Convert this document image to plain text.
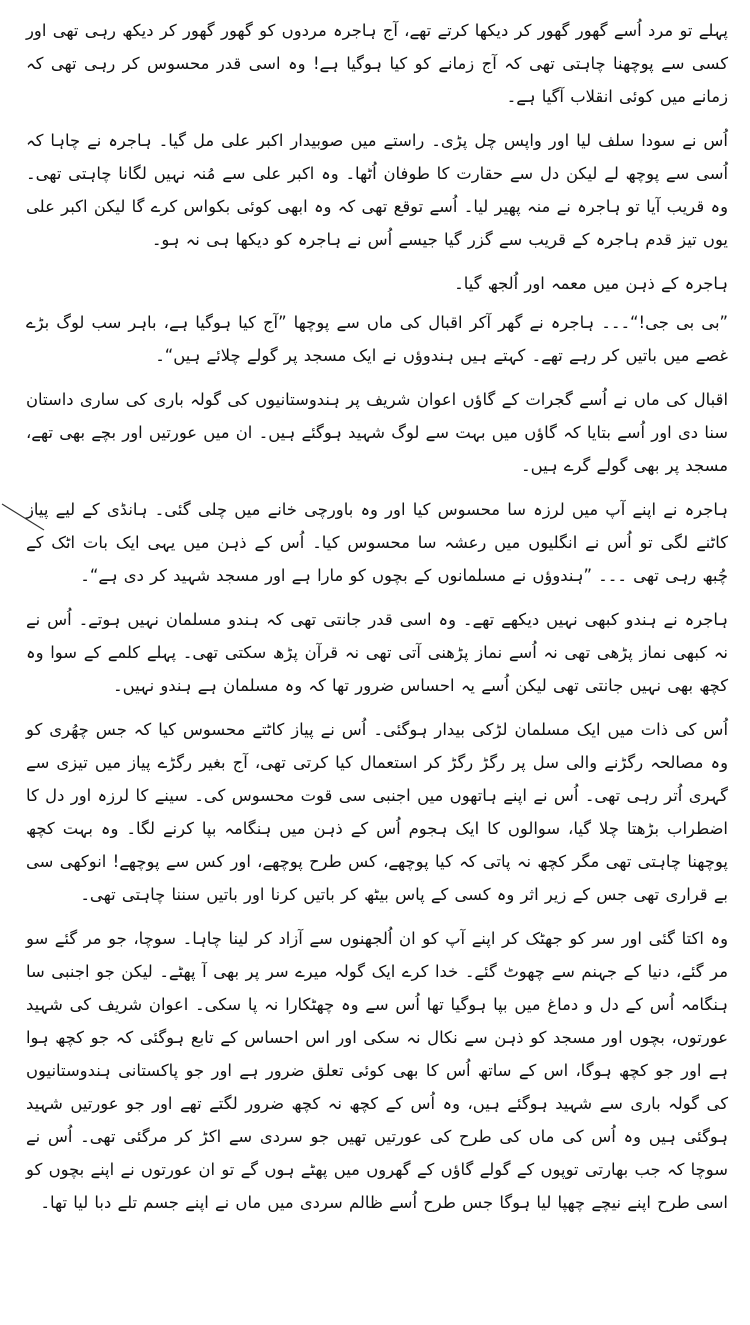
پہلے تو مرد اُسے گھور گھور کر دیکھا کرتے تھے، آج ہاجرہ مردوں کو گھور گھور کر دیکھ رہی تھی اور کسی سے پوچھنا چاہتی تھی کہ آج زمانے کو کیا ہوگیا ہے! وہ اسی قدر محسوس کر رہی تھی کہ زمانے میں کوئی انقلاب آگیا ہے۔

اُس نے سودا سلف لیا اور واپس چل پڑی۔ راستے میں صوبیدار اکبر علی مل گیا۔ ہاجرہ نے چاہا کہ اُسی سے پوچھ لے لیکن دل سے حقارت کا طوفان اُٹھا۔ وہ اکبر علی سے مُنہ نہیں لگانا چاہتی تھی۔ وہ قریب آیا تو ہاجرہ نے منہ پھیر لیا۔ اُسے توقع تھی کہ وہ ابھی کوئی بکواس کرے گا لیکن اکبر علی یوں تیز قدم ہاجرہ کے قریب سے گزر گیا جیسے اُس نے ہاجرہ کو دیکھا ہی نہ ہو۔

ہاجرہ کے ذہن میں معمہ اور اُلجھ گیا۔

”بی بی جی!“۔۔۔ ہاجرہ نے گھر آکر اقبال کی ماں سے پوچھا ”آج کیا ہوگیا ہے، باہر سب لوگ بڑے غصے میں باتیں کر رہے تھے۔ کہتے ہیں ہندوؤں نے ایک مسجد پر گولے چلائے ہیں“۔

اقبال کی ماں نے اُسے گجرات کے گاؤں اعوان شریف پر ہندوستانیوں کی گولہ باری کی ساری داستان سنا دی اور اُسے بتایا کہ گاؤں میں بہت سے لوگ شہید ہوگئے ہیں۔ ان میں عورتیں اور بچے بھی تھے، مسجد پر بھی گولے گرے ہیں۔

ہاجرہ نے اپنے آپ میں لرزہ سا محسوس کیا اور وہ باورچی خانے میں چلی گئی۔ ہانڈی کے لیے پیاز کاٹنے لگی تو اُس نے انگلیوں میں رعشہ سا محسوس کیا۔ اُس کے ذہن میں یہی ایک بات اٹک کے چُبھ رہی تھی ۔۔۔ ”ہندوؤں نے مسلمانوں کے بچوں کو مارا ہے اور مسجد شہید کر دی ہے“۔

ہاجرہ نے ہندو کبھی نہیں دیکھے تھے۔ وہ اسی قدر جانتی تھی کہ ہندو مسلمان نہیں ہوتے۔ اُس نے نہ کبھی نماز پڑھی تھی نہ اُسے نماز پڑھنی آتی تھی نہ قرآن پڑھ سکتی تھی۔ پہلے کلمے کے سوا وہ کچھ بھی نہیں جانتی تھی لیکن اُسے یہ احساس ضرور تھا کہ وہ مسلمان ہے ہندو نہیں۔

اُس کی ذات میں ایک مسلمان لڑکی بیدار ہوگئی۔ اُس نے پیاز کاٹتے محسوس کیا کہ جس چھُری کو وہ مصالحہ رگڑنے والی سل پر رگڑ رگڑ کر استعمال کیا کرتی تھی، آج بغیر رگڑے پیاز میں تیزی سے گہری اُتر رہی تھی۔ اُس نے اپنے ہاتھوں میں اجنبی سی قوت محسوس کی۔ سینے کا لرزہ اور دل کا اضطراب بڑھتا چلا گیا، سوالوں کا ایک ہجوم اُس کے ذہن میں ہنگامہ بپا کرنے لگا۔ وہ بہت کچھ پوچھنا چاہتی تھی مگر کچھ نہ پاتی کہ کیا پوچھے، کس طرح پوچھے، اور کس سے پوچھے! انوکھی سی بے قراری تھی جس کے زیر اثر وہ کسی کے پاس بیٹھ کر باتیں کرنا اور باتیں سننا چاہتی تھی۔

وہ اکتا گئی اور سر کو جھٹک کر اپنے آپ کو ان اُلجھنوں سے آزاد کر لینا چاہا۔ سوچا، جو مر گئے سو مر گئے، دنیا کے جہنم سے چھوٹ گئے۔ خدا کرے ایک گولہ میرے سر پر بھی آ پھٹے۔ لیکن جو اجنبی سا ہنگامہ اُس کے دل و دماغ میں بپا ہوگیا تھا اُس سے وہ چھٹکارا نہ پا سکی۔ اعوان شریف کی شہید عورتوں، بچوں اور مسجد کو ذہن سے نکال نہ سکی اور اس احساس کے تابع ہوگئی کہ جو کچھ ہوا ہے اور جو کچھ ہوگا، اس کے ساتھ اُس کا بھی کوئی تعلق ضرور ہے اور جو پاکستانی ہندوستانیوں کی گولہ باری سے شہید ہوگئے ہیں، وہ اُس کے کچھ نہ کچھ ضرور لگتے تھے اور جو عورتیں شہید ہوگئی ہیں وہ اُس کی ماں کی طرح کی عورتیں تھیں جو سردی سے اکڑ کر مرگئی تھی۔ اُس نے سوچا کہ جب بھارتی توپوں کے گولے گاؤں کے گھروں میں پھٹے ہوں گے تو ان عورتوں نے اپنے بچوں کو اسی طرح اپنے نیچے چھپا لیا ہوگا جس طرح اُسے ظالم سردی میں ماں نے اپنے جسم تلے دبا لیا تھا۔
